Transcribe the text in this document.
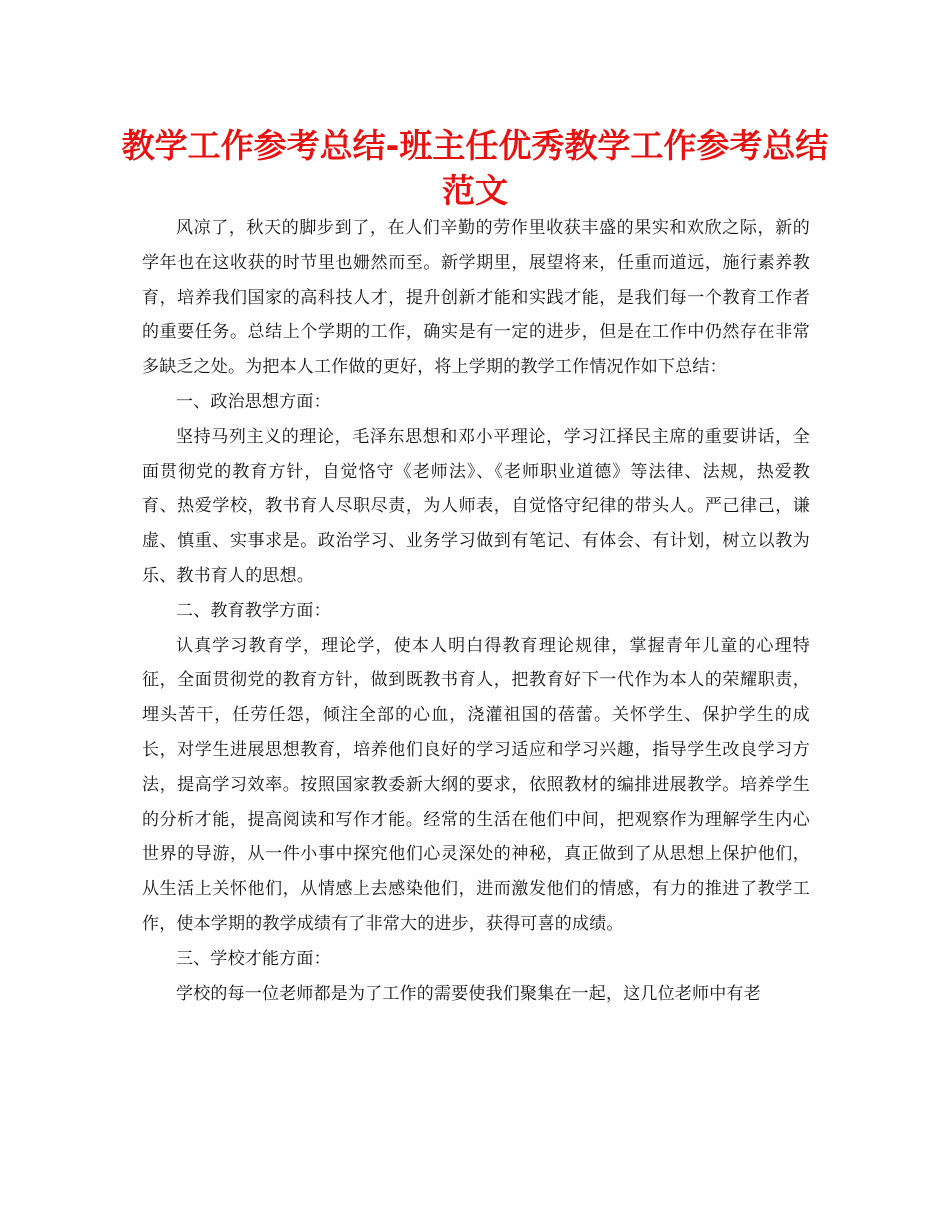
教学工作参考总结-班主任优秀教学工作参考总结
范文

风凉了，秋天的脚步到了，在人们辛勤的劳作里收获丰盛的果实和欢欣之际，新的学年也在这收获的时节里也姗然而至。新学期里，展望将来，任重而道远，施行素养教育，培养我们国家的高科技人才，提升创新才能和实践才能，是我们每一个教育工作者的重要任务。总结上个学期的工作，确实是有一定的进步，但是在工作中仍然存在非常多缺乏之处。为把本人工作做的更好，将上学期的教学工作情况作如下总结：

一、政治思想方面：

坚持马列主义的理论，毛泽东思想和邓小平理论，学习江择民主席的重要讲话，全面贯彻党的教育方针，自觉恪守《老师法》、《老师职业道德》等法律、法规，热爱教育、热爱学校，教书育人尽职尽责，为人师表，自觉恪守纪律的带头人。严己律己，谦虚、慎重、实事求是。政治学习、业务学习做到有笔记、有体会、有计划，树立以教为乐、教书育人的思想。

二、教育教学方面：

认真学习教育学，理论学，使本人明白得教育理论规律，掌握青年儿童的心理特征，全面贯彻党的教育方针，做到既教书育人，把教育好下一代作为本人的荣耀职责，埋头苦干，任劳任怨，倾注全部的心血，浇灌祖国的蓓蕾。关怀学生、保护学生的成长，对学生进展思想教育，培养他们良好的学习适应和学习兴趣，指导学生改良学习方法，提高学习效率。按照国家教委新大纲的要求，依照教材的编排进展教学。培养学生的分析才能，提高阅读和写作才能。经常的生活在他们中间，把观察作为理解学生内心世界的导游，从一件小事中探究他们心灵深处的神秘，真正做到了从思想上保护他们，从生活上关怀他们，从情感上去感染他们，进而激发他们的情感，有力的推进了教学工作，使本学期的教学成绩有了非常大的进步，获得可喜的成绩。

三、学校才能方面：

学校的每一位老师都是为了工作的需要使我们聚集在一起，这几位老师中有老
